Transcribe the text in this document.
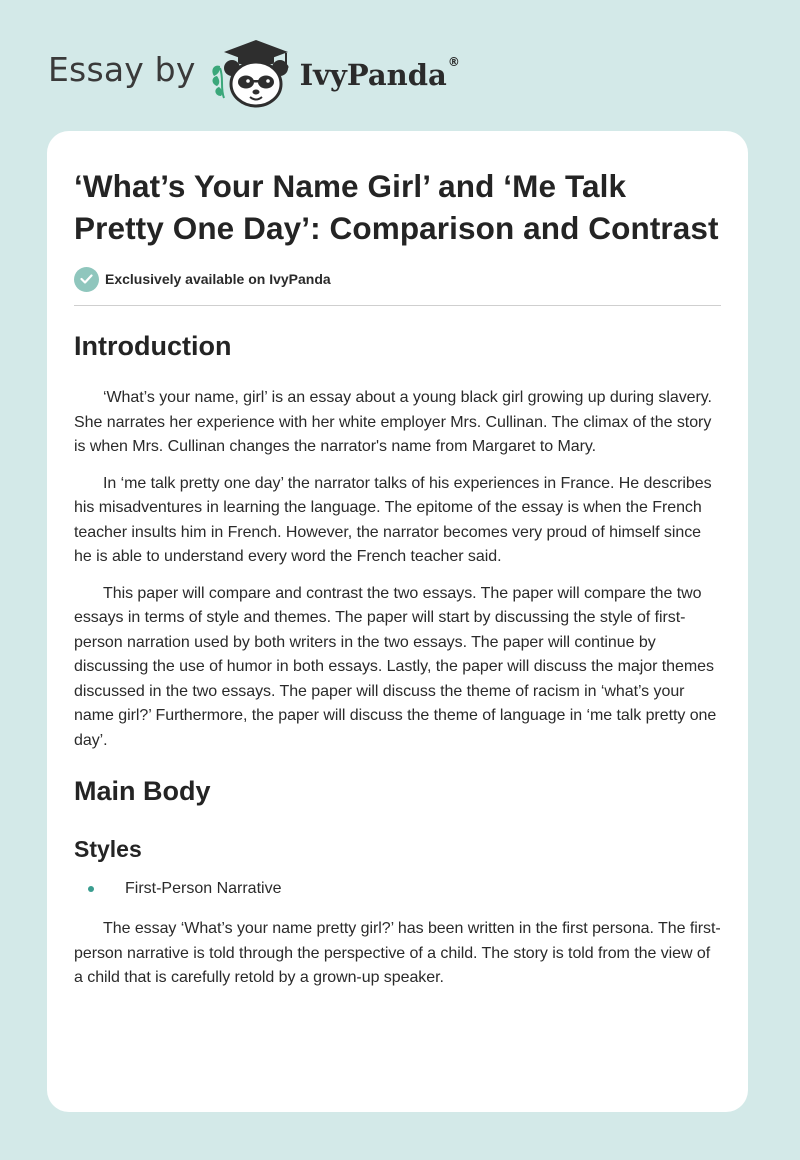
Essay by	IvyPanda ®
‘What’s Your Name Girl’ and ‘Me Talk Pretty One Day’: Comparison and Contrast
Exclusively available on IvyPanda
Introduction

‘What’s your name, girl’ is an essay about a young black girl growing up during slavery. She narrates her experience with her white employer Mrs. Cullinan. The climax of the story is when Mrs. Cullinan changes the narrator's name from Margaret to Mary.

In ‘me talk pretty one day’ the narrator talks of his experiences in France. He describes his misadventures in learning the language. The epitome of the essay is when the French teacher insults him in French. However, the narrator becomes very proud of himself since he is able to understand every word the French teacher said.

This paper will compare and contrast the two essays. The paper will compare the two essays in terms of style and themes. The paper will start by discussing the style of first-person narration used by both writers in the two essays. The paper will continue by discussing the use of humor in both essays. Lastly, the paper will discuss the major themes discussed in the two essays. The paper will discuss the theme of racism in ‘what’s your name girl?’ Furthermore, the paper will discuss the theme of language in ‘me talk pretty one day’.

Main Body
Styles
First-Person Narrative

The essay ‘What’s your name pretty girl?’ has been written in the first persona. The first-person narrative is told through the perspective of a child. The story is told from the view of a child that is carefully retold by a grown-up speaker.
